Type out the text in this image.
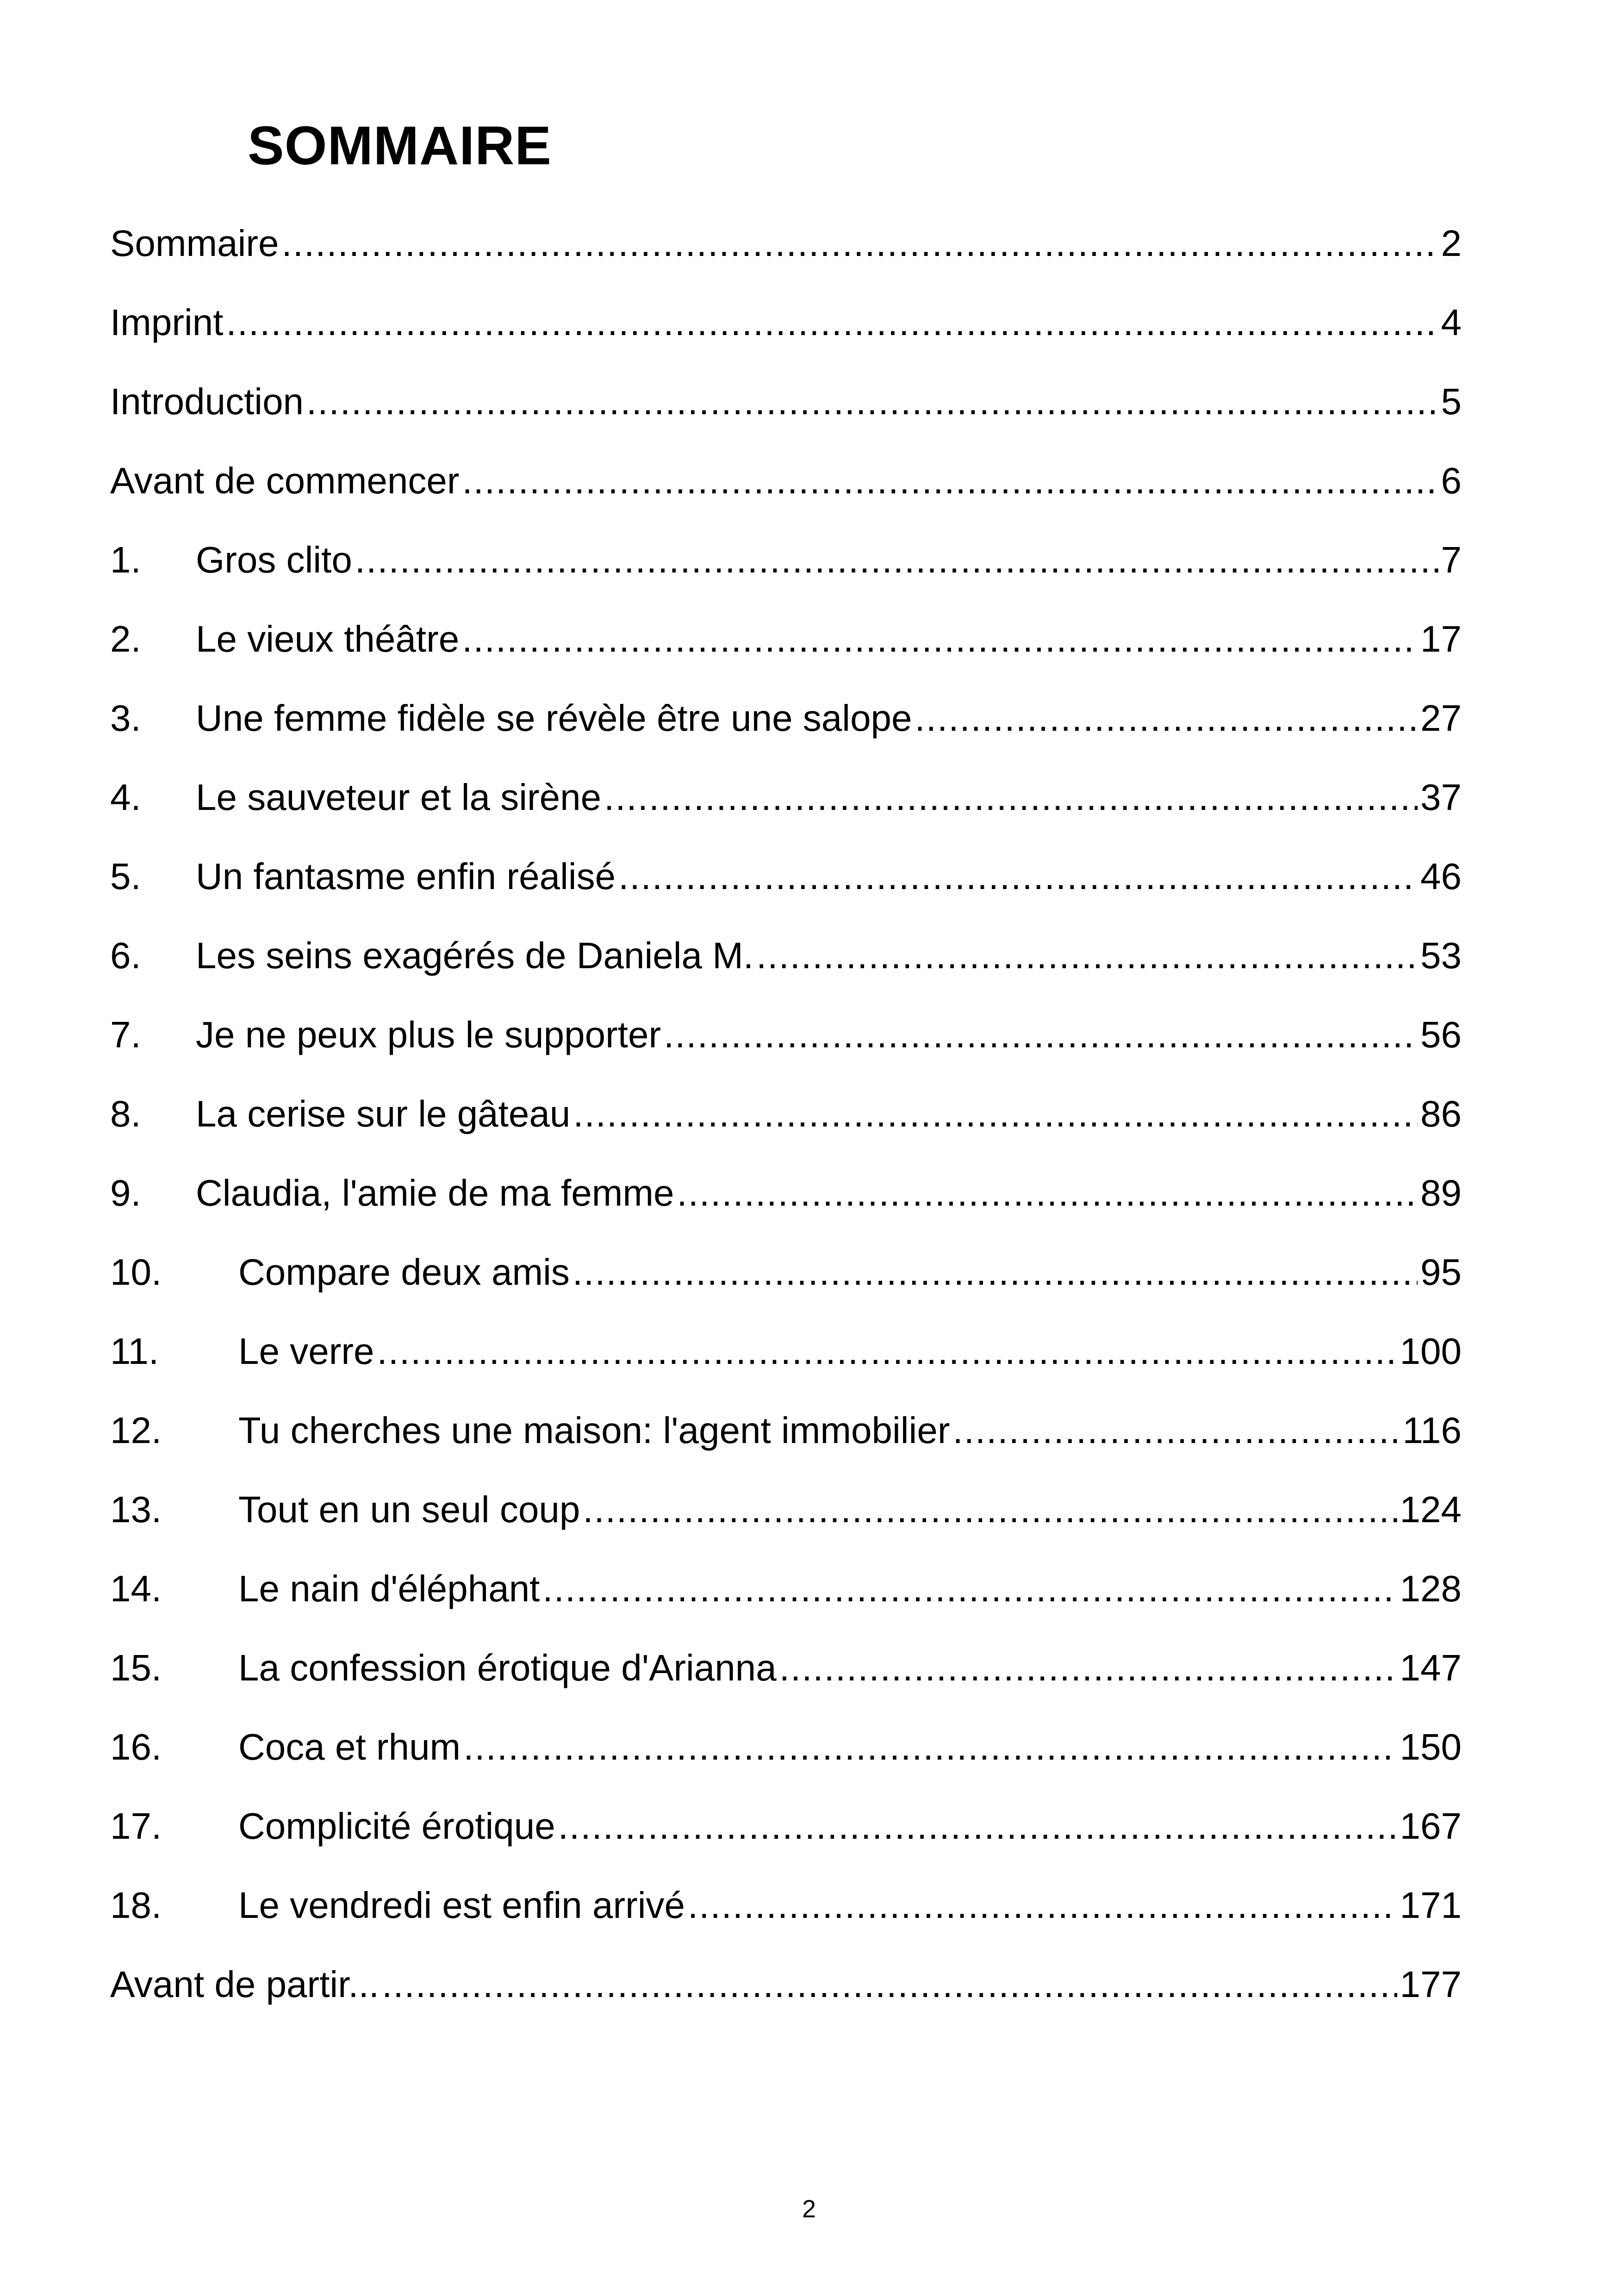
SOMMAIRE
Sommaire .....	2
Imprint .....	4
Introduction .....	5
Avant de commencer .....	6
1.	Gros clito .....	7
2.	Le vieux théâtre .....	17
3.	Une femme fidèle se révèle être une salope .....	27
4.	Le sauveteur et la sirène .....	37
5.	Un fantasme enfin réalisé .....	46
6.	Les seins exagérés de Daniela M. .....	53
7.	Je ne peux plus le supporter .....	56
8.	La cerise sur le gâteau .....	86
9.	Claudia, l'amie de ma femme .....	89
10.	Compare deux amis .....	95
11.	Le verre .....	100
12.	Tu cherches une maison: l'agent immobilier .....	116
13.	Tout en un seul coup .....	124
14.	Le nain d'éléphant .....	128
15.	La confession érotique d'Arianna .....	147
16.	Coca et rhum .....	150
17.	Complicité érotique .....	167
18.	Le vendredi est enfin arrivé .....	171
Avant de partir... .....	177
2
